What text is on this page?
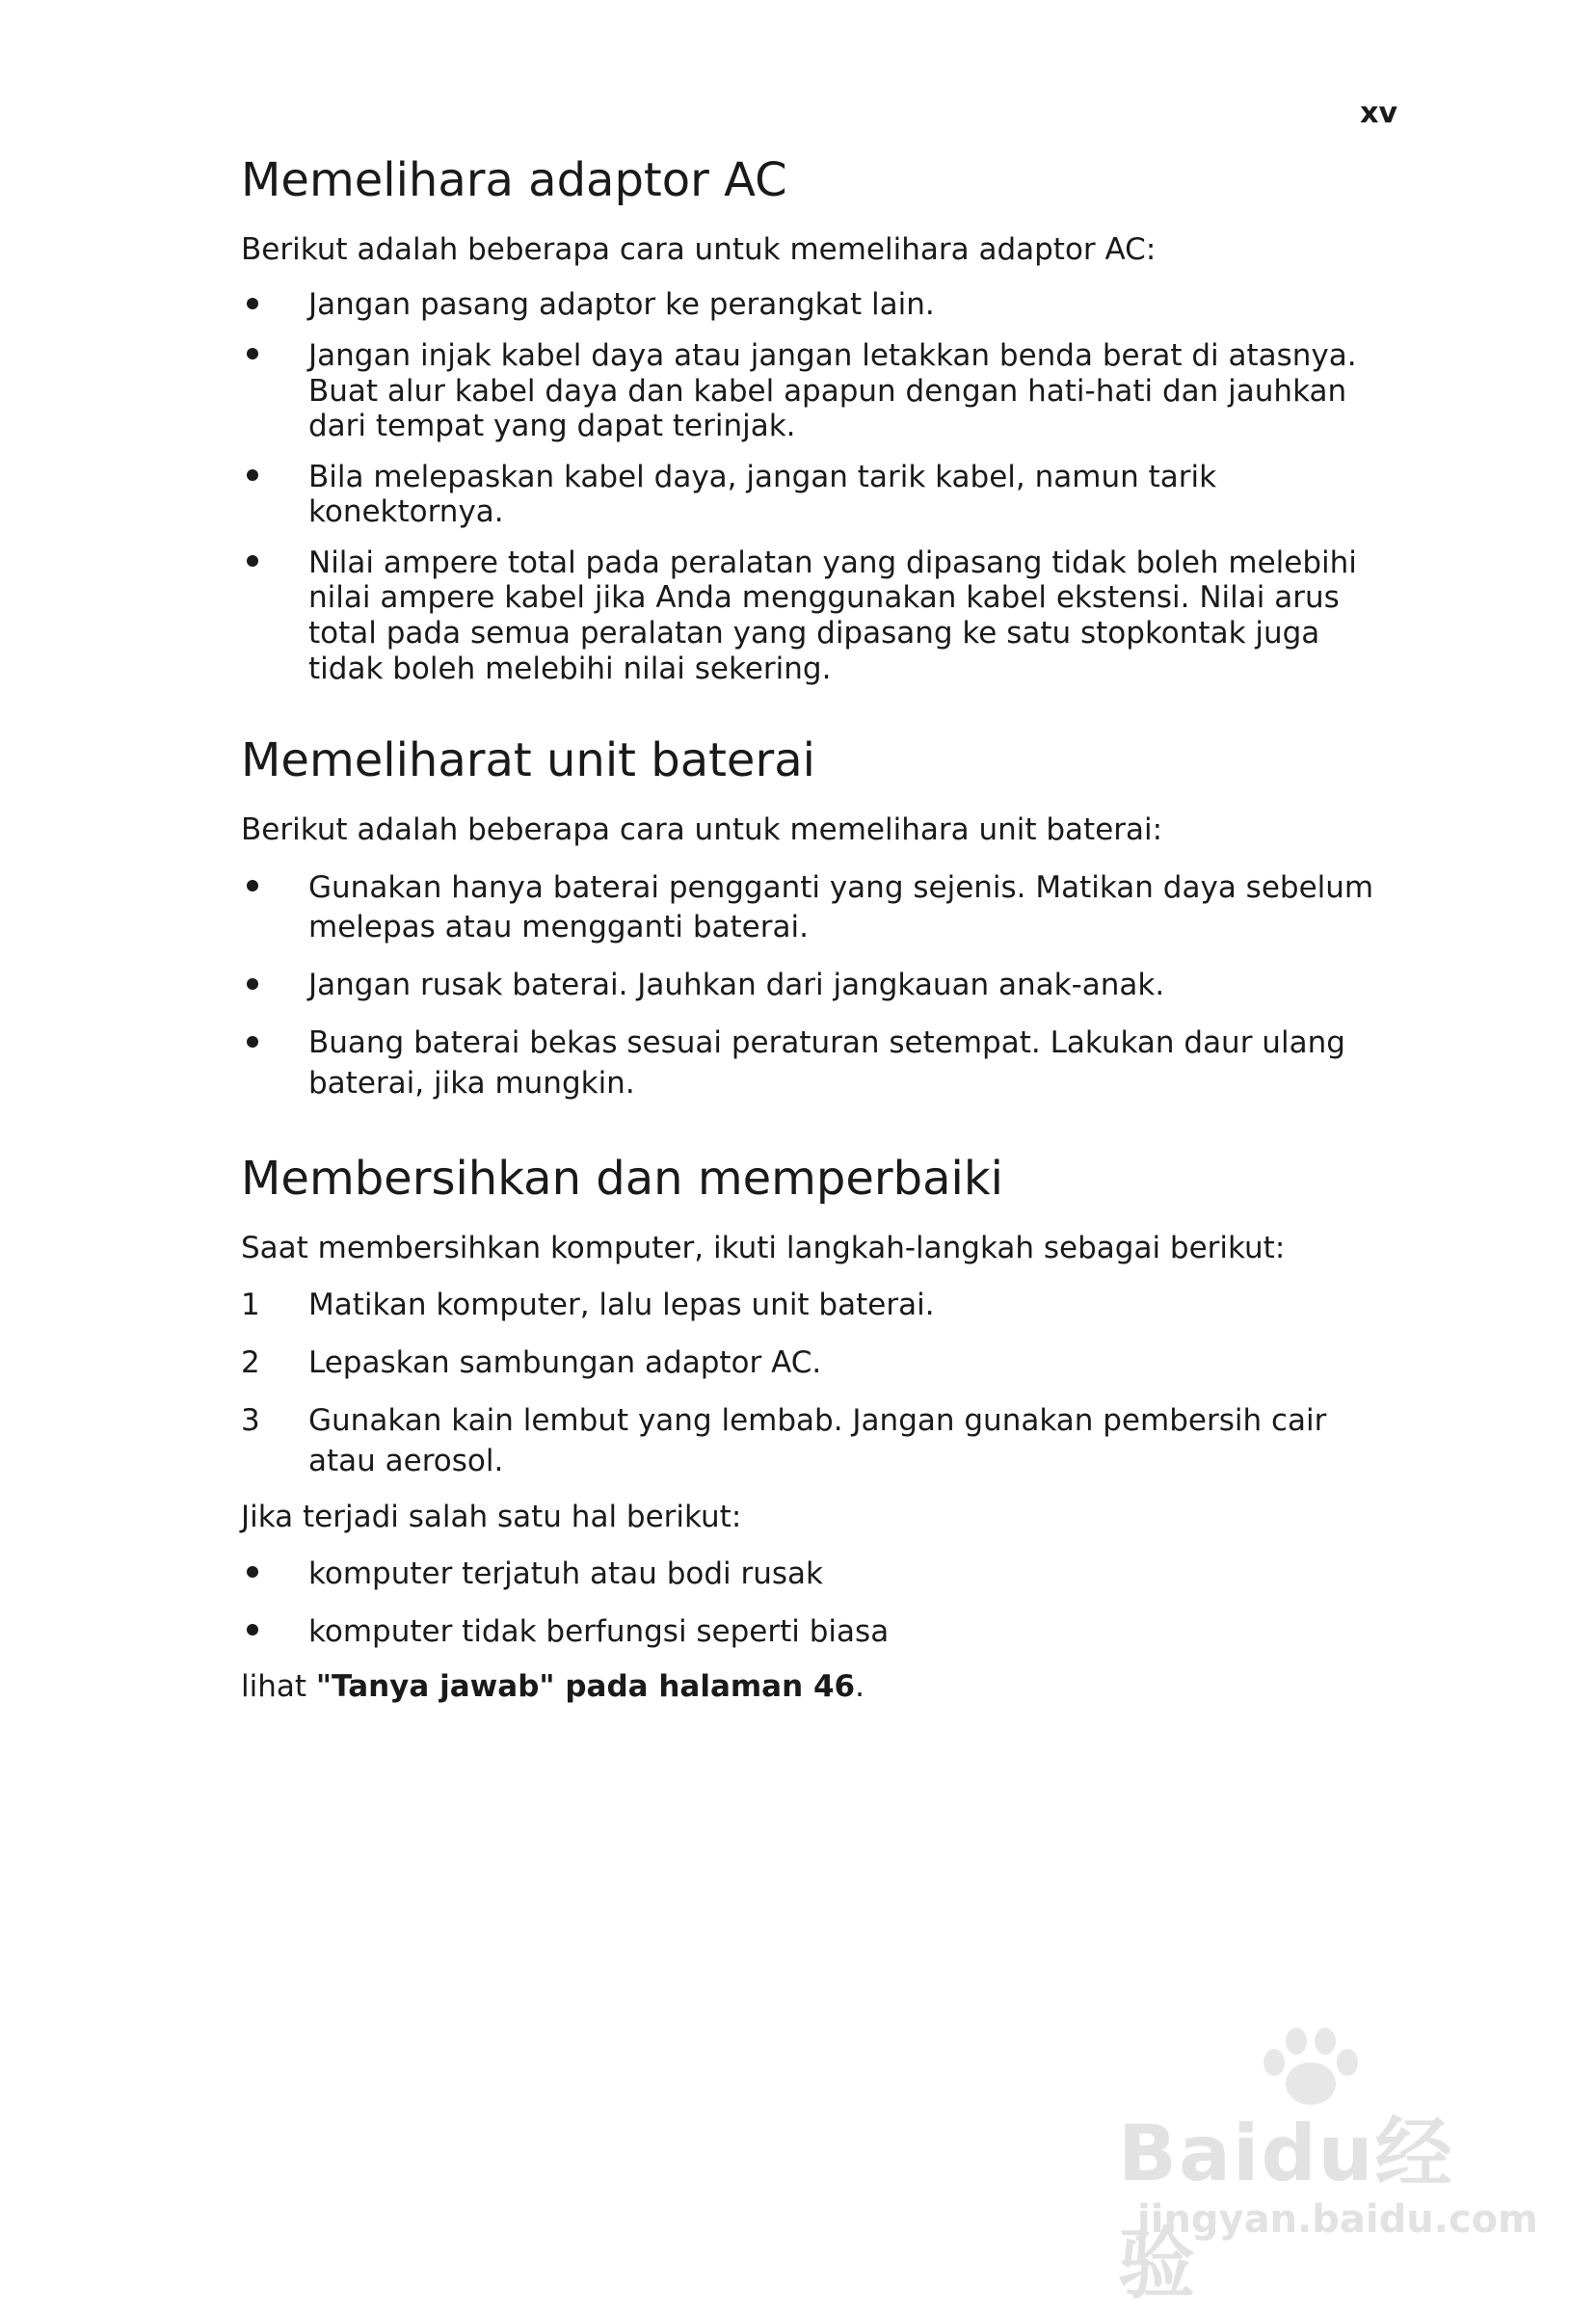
xv
Memelihara adaptor AC

Berikut adalah beberapa cara untuk memelihara adaptor AC:

Jangan pasang adaptor ke perangkat lain.
Jangan injak kabel daya atau jangan letakkan benda berat di atasnya. Buat alur kabel daya dan kabel apapun dengan hati-hati dan jauhkan dari tempat yang dapat terinjak.
Bila melepaskan kabel daya, jangan tarik kabel, namun tarik konektornya.
Nilai ampere total pada peralatan yang dipasang tidak boleh melebihi nilai ampere kabel jika Anda menggunakan kabel ekstensi. Nilai arus total pada semua peralatan yang dipasang ke satu stopkontak juga tidak boleh melebihi nilai sekering.
Memeliharat unit baterai

Berikut adalah beberapa cara untuk memelihara unit baterai:

Gunakan hanya baterai pengganti yang sejenis. Matikan daya sebelum melepas atau mengganti baterai.
Jangan rusak baterai. Jauhkan dari jangkauan anak-anak.
Buang baterai bekas sesuai peraturan setempat. Lakukan daur ulang baterai, jika mungkin.
Membersihkan dan memperbaiki

Saat membersihkan komputer, ikuti langkah-langkah sebagai berikut:

1	Matikan komputer, lalu lepas unit baterai.
2	Lepaskan sambungan adaptor AC.
3	Gunakan kain lembut yang lembab. Jangan gunakan pembersih cair atau aerosol.

Jika terjadi salah satu hal berikut:

komputer terjatuh atau bodi rusak
komputer tidak berfungsi seperti biasa

lihat "Tanya jawab" pada halaman 46.

Baidu经验
jingyan.baidu.com
